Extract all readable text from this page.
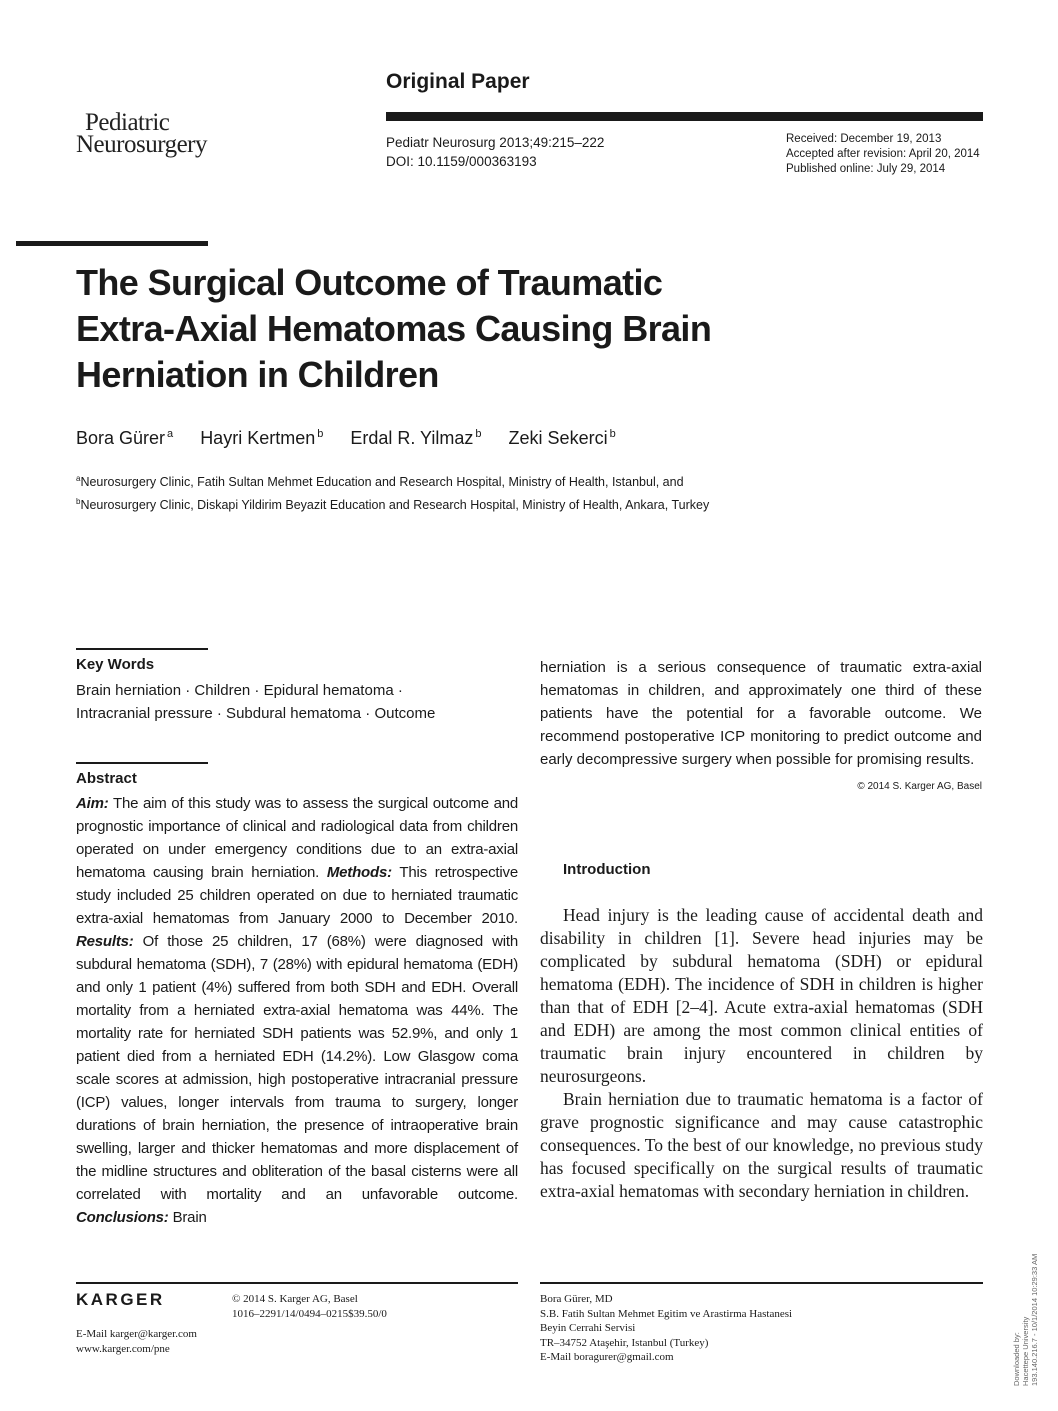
Original Paper
Pediatric
Neurosurgery	Pediatr Neurosurg 2013;49:215–222
DOI: 10.1159/000363193
Received: December 19, 2013
Accepted after revision: April 20, 2014
Published online: July 29, 2014
The Surgical Outcome of Traumatic
Extra-Axial Hematomas Causing Brain
Herniation in Children
Bora Gürer $^a$ Hayri Kertmen $^b$ Erdal R. Yilmaz $^b$ Zeki Sekerci $^b$
$^a$Neurosurgery Clinic, Fatih Sultan Mehmet Education and Research Hospital, Ministry of Health, Istanbul, and
$^b$Neurosurgery Clinic, Diskapi Yildirim Beyazit Education and Research Hospital, Ministry of Health, Ankara, Turkey
Key Words
Brain herniation · Children · Epidural hematoma ·
Intracranial pressure · Subdural hematoma · Outcome
Abstract
Aim: The aim of this study was to assess the surgical outcome and prognostic importance of clinical and radiological data from children operated on under emergency conditions due to an extra-axial hematoma causing brain herniation. Methods: This retrospective study included 25 children operated on due to herniated traumatic extra-axial hematomas from January 2000 to December 2010. Results: Of those 25 children, 17 (68%) were diagnosed with subdural hematoma (SDH), 7 (28%) with epidural hematoma (EDH) and only 1 patient (4%) suffered from both SDH and EDH. Overall mortality from a herniated extra-axial hematoma was 44%. The mortality rate for herniated SDH patients was 52.9%, and only 1 patient died from a herniated EDH (14.2%). Low Glasgow coma scale scores at admission, high postoperative intracranial pressure (ICP) values, longer intervals from trauma to surgery, longer durations of brain herniation, the presence of intraoperative brain swelling, larger and thicker hematomas and more displacement of the midline structures and obliteration of the basal cisterns were all correlated with mortality and an unfavorable outcome. Conclusions: Brain
herniation is a serious consequence of traumatic extra-axial hematomas in children, and approximately one third of these patients have the potential for a favorable outcome. We recommend postoperative ICP monitoring to predict outcome and early decompressive surgery when possible for promising results.
© 2014 S. Karger AG, Basel
Introduction

Head injury is the leading cause of accidental death and disability in children [1]. Severe head injuries may be complicated by subdural hematoma (SDH) or epidural hematoma (EDH). The incidence of SDH in children is higher than that of EDH [2–4]. Acute extra-axial hematomas (SDH and EDH) are among the most common clinical entities of traumatic brain injury encountered in children by neurosurgeons.

Brain herniation due to traumatic hematoma is a factor of grave prognostic significance and may cause catastrophic consequences. To the best of our knowledge, no previous study has focused specifically on the surgical results of traumatic extra-axial hematomas with secondary herniation in children.

KARGER
E-Mail karger@karger.com
www.karger.com/pne
© 2014 S. Karger AG, Basel
1016–2291/14/0494–0215$39.50/0
Bora Gürer, MD
S.B. Fatih Sultan Mehmet Egitim ve Arastirma Hastanesi
Beyin Cerrahi Servisi
TR–34752 Ataşehir, Istanbul (Turkey)
E-Mail boragurer@gmail.com	Downloaded by: Hacettepe University 193.140.216.7 - 10/1/2014 10:29:33 AM
